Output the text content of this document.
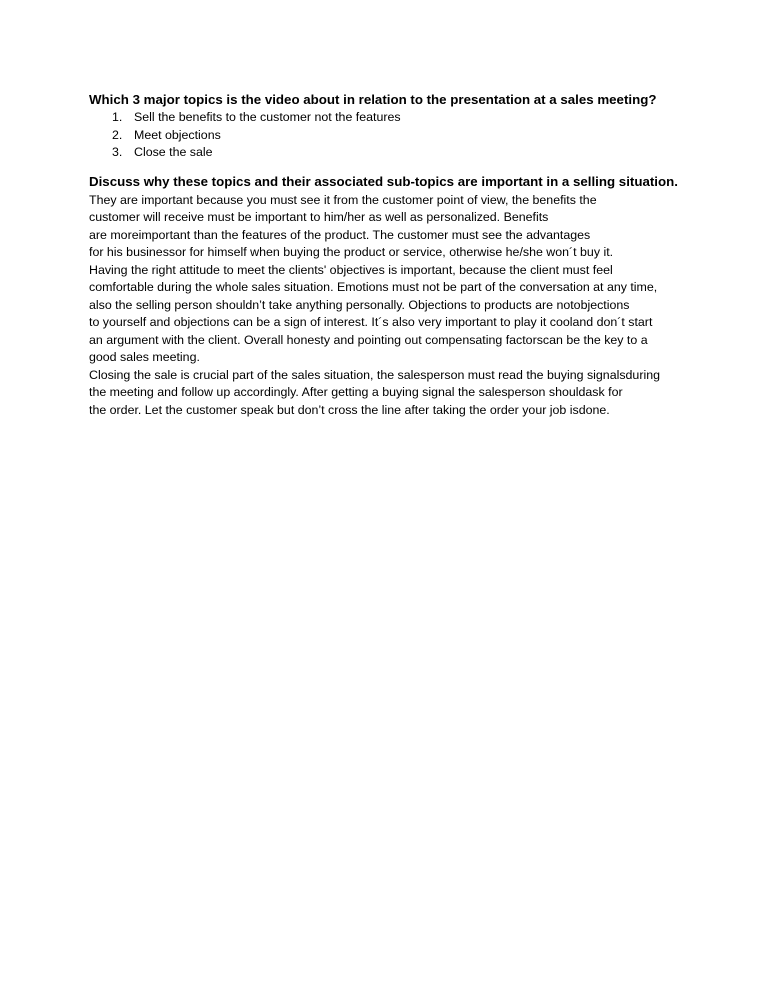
Which 3 major topics is the video about in relation to the presentation at a sales meeting?

1. Sell the benefits to the customer not the features
2. Meet objections
3. Close the sale

Discuss why these topics and their associated sub-topics are important in a selling situation.

They are important because you must see it from the customer point of view, the benefits the
customer will receive must be important to him/her as well as personalized. Benefits
are moreimportant than the features of the product. The customer must see the advantages
for his businessor for himself when buying the product or service, otherwise he/she won´t buy it.
Having the right attitude to meet the clients' objectives is important, because the client must feel
comfortable during the whole sales situation. Emotions must not be part of the conversation at any time,
also the selling person shouldn’t take anything personally. Objections to products are notobjections
to yourself and objections can be a sign of interest. It´s also very important to play it cooland don´t start
an argument with the client. Overall honesty and pointing out compensating factorscan be the key to a
good sales meeting.
Closing the sale is crucial part of the sales situation, the salesperson must read the buying signalsduring
the meeting and follow up accordingly. After getting a buying signal the salesperson shouldask for
the order. Let the customer speak but don’t cross the line after taking the order your job isdone.
